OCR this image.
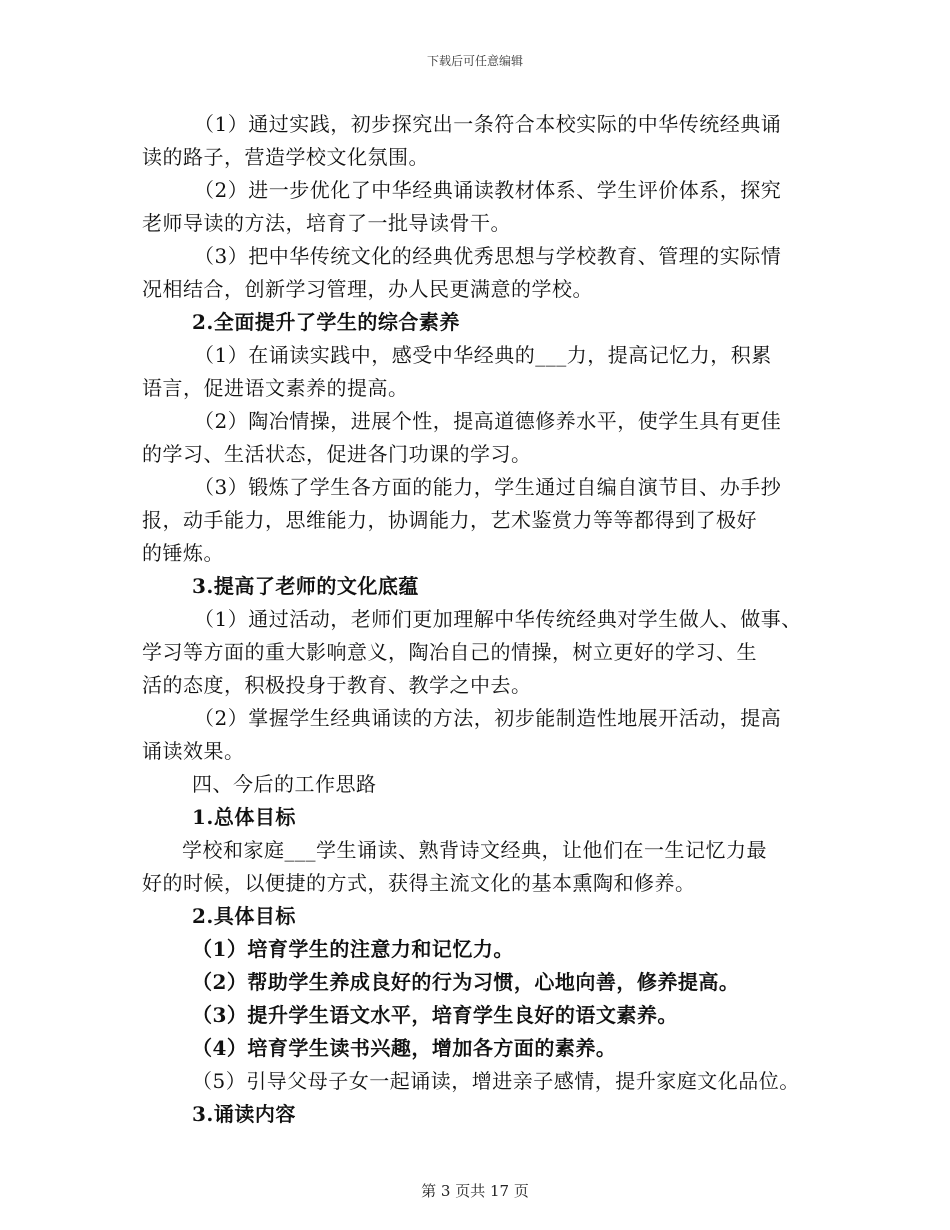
下载后可任意编辑
（1）通过实践，初步探究出一条符合本校实际的中华传统经典诵
读的路子，营造学校文化氛围。
（2）进一步优化了中华经典诵读教材体系、学生评价体系，探究
老师导读的方法，培育了一批导读骨干。
（3）把中华传统文化的经典优秀思想与学校教育、管理的实际情
况相结合，创新学习管理，办人民更满意的学校。
2.全面提升了学生的综合素养
（1）在诵读实践中，感受中华经典的___力，提高记忆力，积累
语言，促进语文素养的提高。
（2）陶冶情操，进展个性，提高道德修养水平，使学生具有更佳
的学习、生活状态，促进各门功课的学习。
（3）锻炼了学生各方面的能力，学生通过自编自演节目、办手抄
报，动手能力，思维能力，协调能力，艺术鉴赏力等等都得到了极好
的锤炼。
3.提高了老师的文化底蕴
（1）通过活动，老师们更加理解中华传统经典对学生做人、做事、
学习等方面的重大影响意义，陶冶自己的情操，树立更好的学习、生
活的态度，积极投身于教育、教学之中去。
（2）掌握学生经典诵读的方法，初步能制造性地展开活动，提高
诵读效果。
四、今后的工作思路
1.总体目标
学校和家庭___学生诵读、熟背诗文经典，让他们在一生记忆力最
好的时候，以便捷的方式，获得主流文化的基本熏陶和修养。
2.具体目标
（1）培育学生的注意力和记忆力。
（2）帮助学生养成良好的行为习惯，心地向善，修养提高。
（3）提升学生语文水平，培育学生良好的语文素养。
（4）培育学生读书兴趣，增加各方面的素养。
（5）引导父母子女一起诵读，增进亲子感情，提升家庭文化品位。
3.诵读内容
第 3 页共 17 页
